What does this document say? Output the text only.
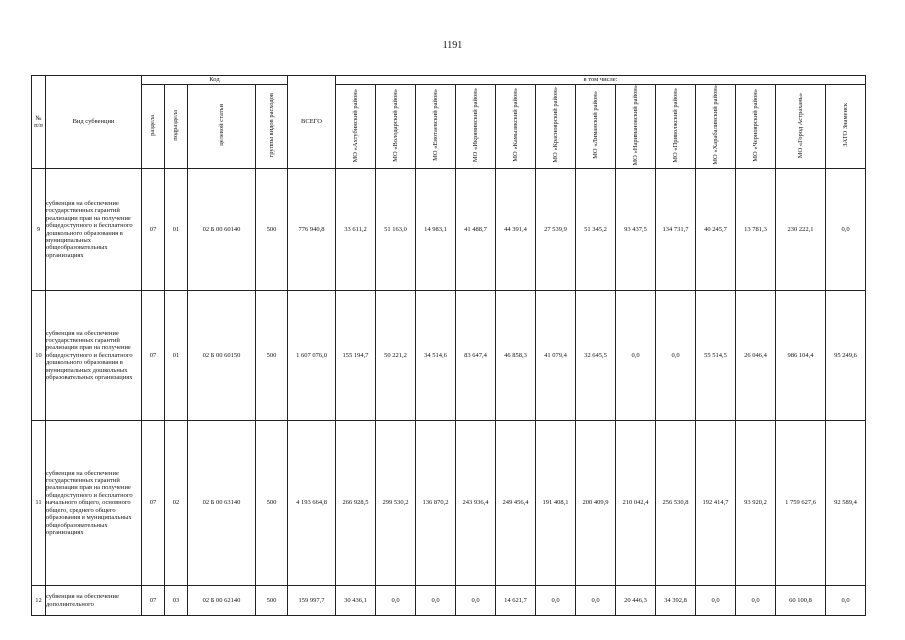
1191
№ п/п	Вид субвенции	Код				ВСЕГО	в том числе:												
		раздела	подраздела	целевой статьи	группы видов расходов		МО «Ахтубинский район»	МО «Володарский район»	МО «Енотаевский район»	МО «Икрянинский район»	МО «Камызякский район»	МО «Красноярский район»	МО «Лиманский район»	МО «Наримановский район»	МО «Приволжский район»	МО «Харабалинский район»	МО «Черноярский район»	МО «Город Астрахань»	ЗАТО Знаменск
9	субвенция на обеспечение государственных гарантий реализации прав на получение общедоступного и бесплатного дошкольного образования в муниципальных общеобразовательных организациях	07	01	02 Б 00 60140	500	776 940,8	33 611,2	51 163,0	14 983,1	41 488,7	44 391,4	27 539,9	51 345,2	93 437,5	134 731,7	40 245,7	13 781,3	230 222,1	0,0
10	субвенция на обеспечение государственных гарантий реализации прав на получение общедоступного и бесплатного дошкольного образования в муниципальных дошкольных образовательных организациях	07	01	02 Б 00 60150	500	1 607 076,0	155 194,7	50 221,2	34 514,6	83 647,4	46 858,3	41 079,4	32 645,5	0,0	0,0	55 514,5	26 046,4	986 104,4	95 249,6
11	субвенция на обеспечение государственных гарантий реализации прав на получение общедоступного и бесплатного начального общего, основного общего, среднего общего образования в муниципальных общеобразовательных организациях	07	02	02 Б 00 63140	500	4 193 664,8	266 928,5	299 530,2	136 870,2	243 936,4	249 456,4	191 408,1	200 409,9	210 042,4	256 530,8	192 414,7	93 920,2	1 759 627,6	92 589,4
12	субвенция на обеспечение дополнительного	07	03	02 Б 00 62140	500	159 997,7	30 436,1	0,0	0,0	0,0	14 621,7	0,0	0,0	20 446,3	34 392,8	0,0	0,0	60 100,8	0,0
